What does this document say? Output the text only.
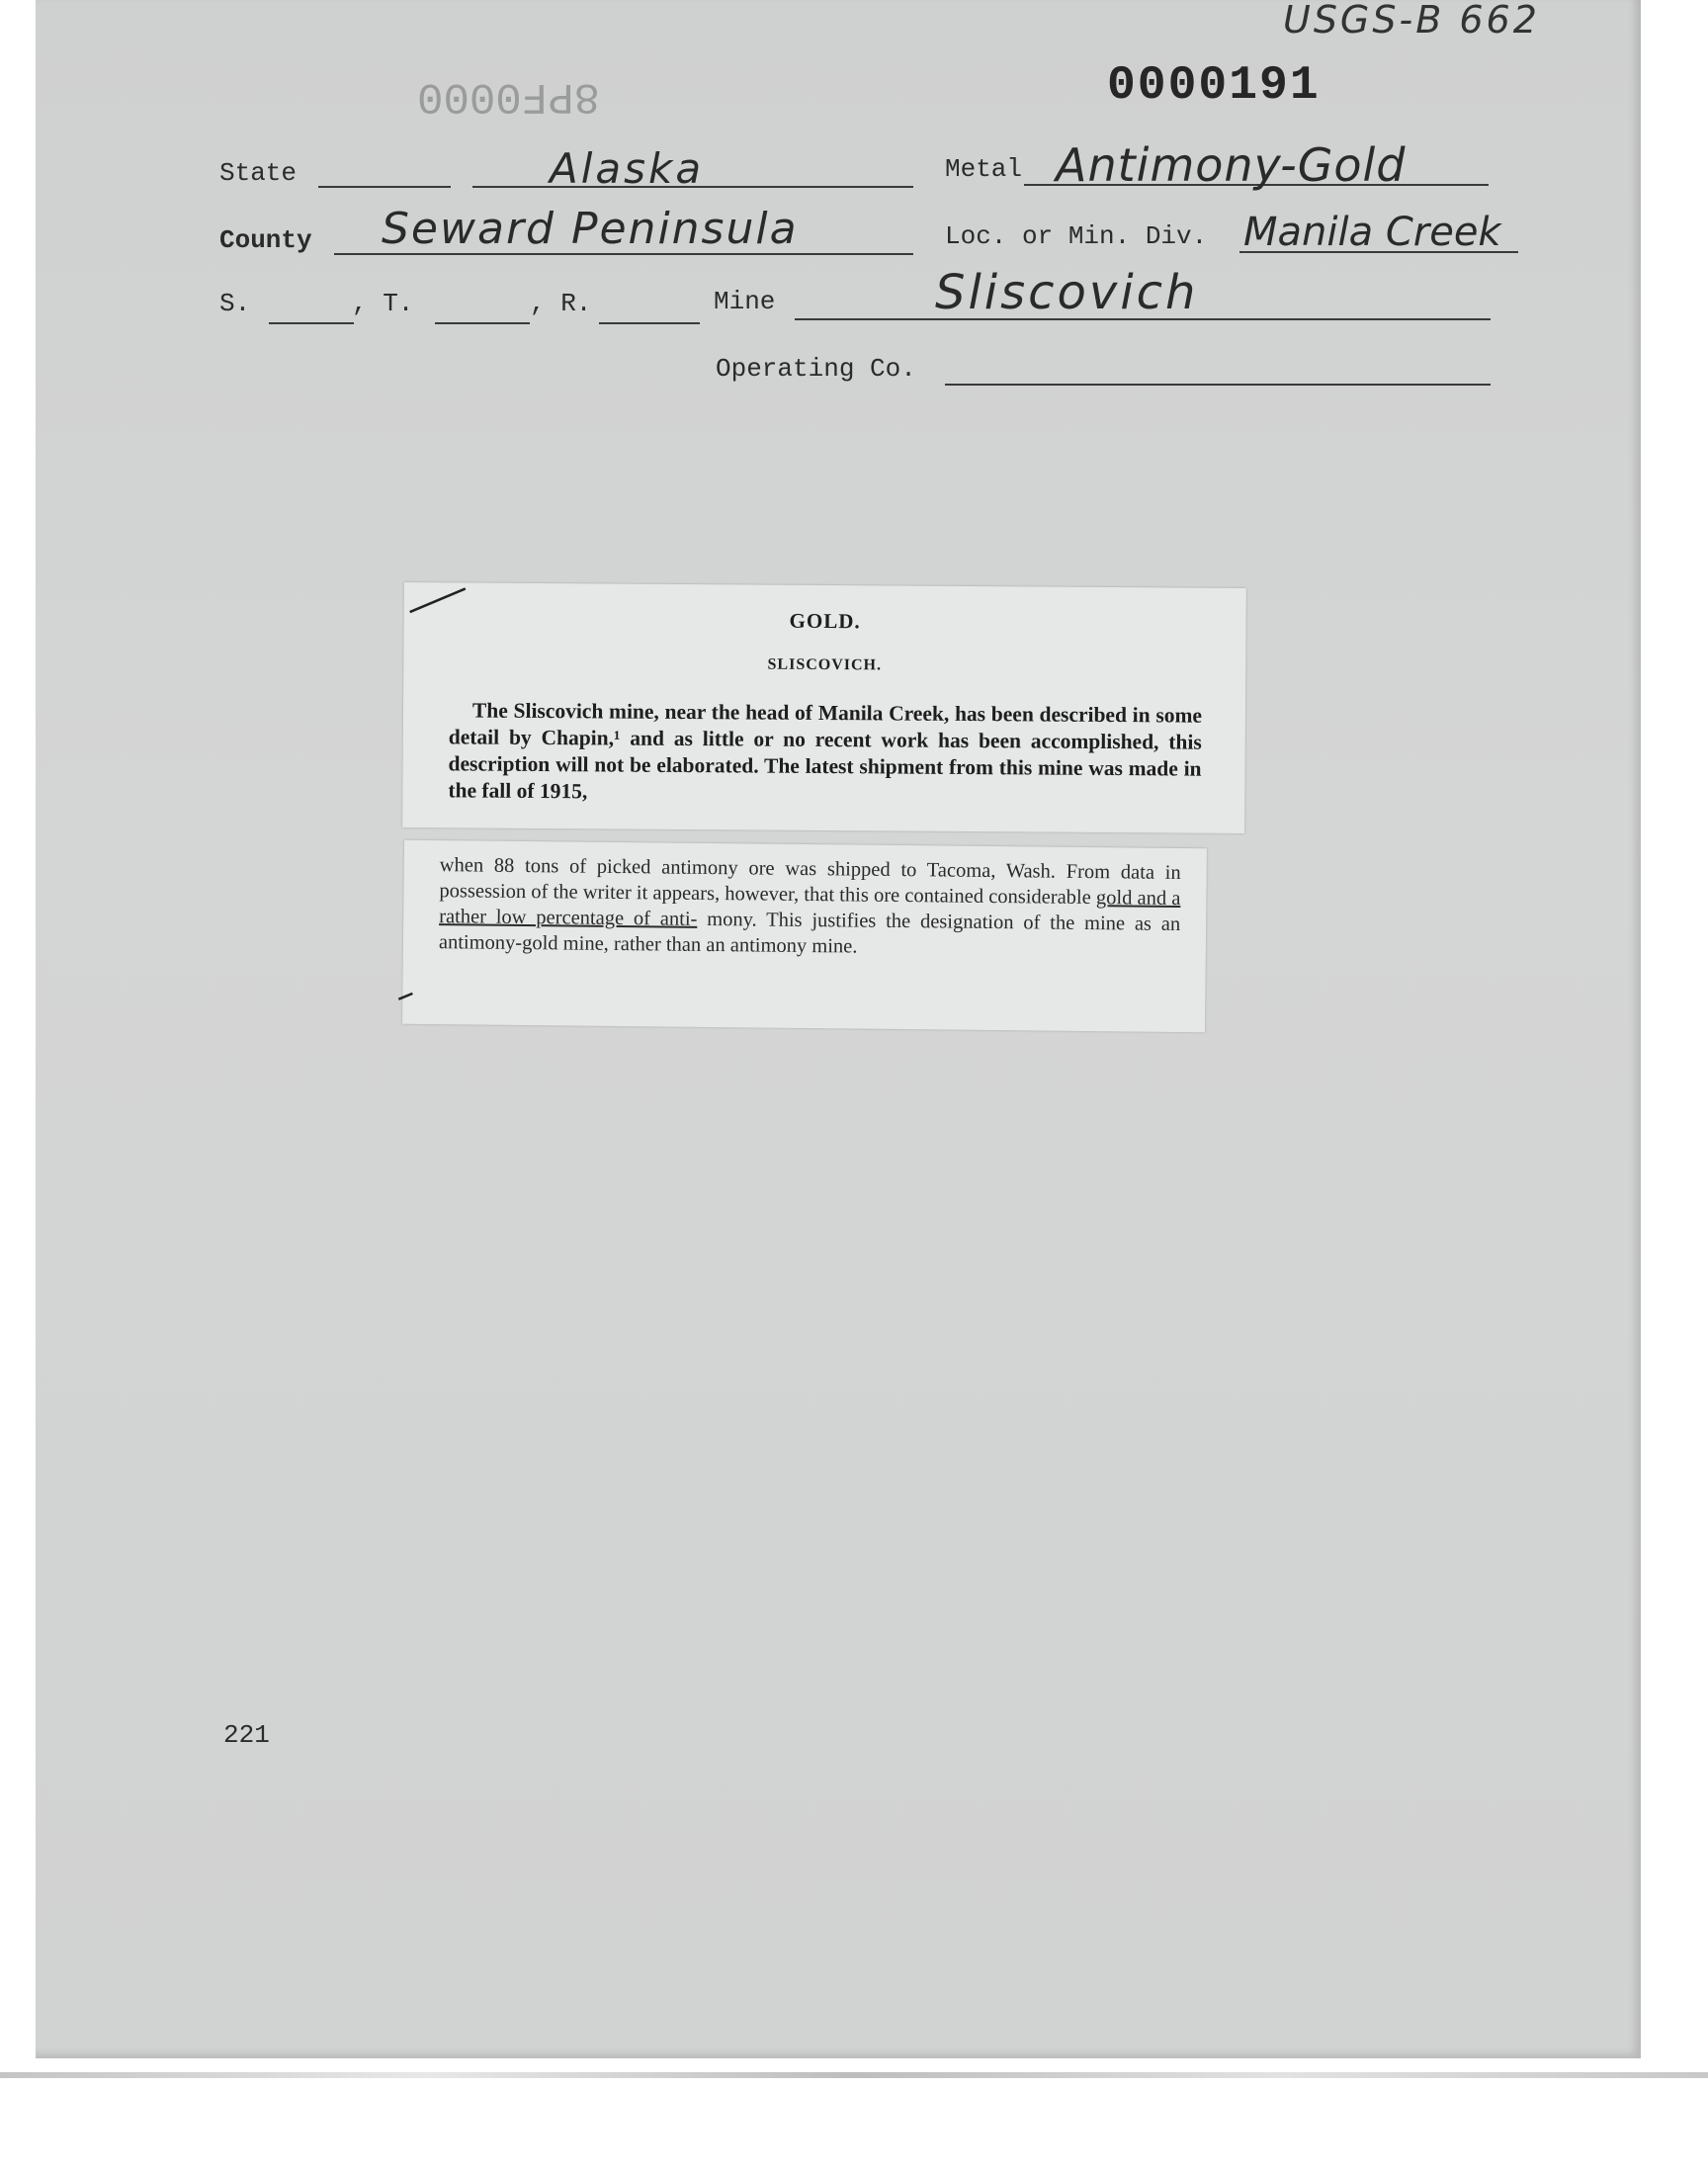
USGS-B 662
8PF0000	0000191
State	Alaska	Metal Antimony-Gold
County Seward Peninsula	Loc. or Min. Div. Manila Creek
S.	, T.	, R.	Mine	Sliscovich
Operating Co.

GOLD.

SLISCOVICH.

The Sliscovich mine, near the head of Manila Creek, has been described in some detail by Chapin,¹ and as little or no recent work has been accomplished, this description will not be elaborated. The latest shipment from this mine was made in the fall of 1915,

when 88 tons of picked antimony ore was shipped to Tacoma, Wash. From data in possession of the writer it appears, however, that this ore contained considerable gold and a rather low percentage of anti- mony. This justifies the designation of the mine as an antimony-gold mine, rather than an antimony mine.

221
